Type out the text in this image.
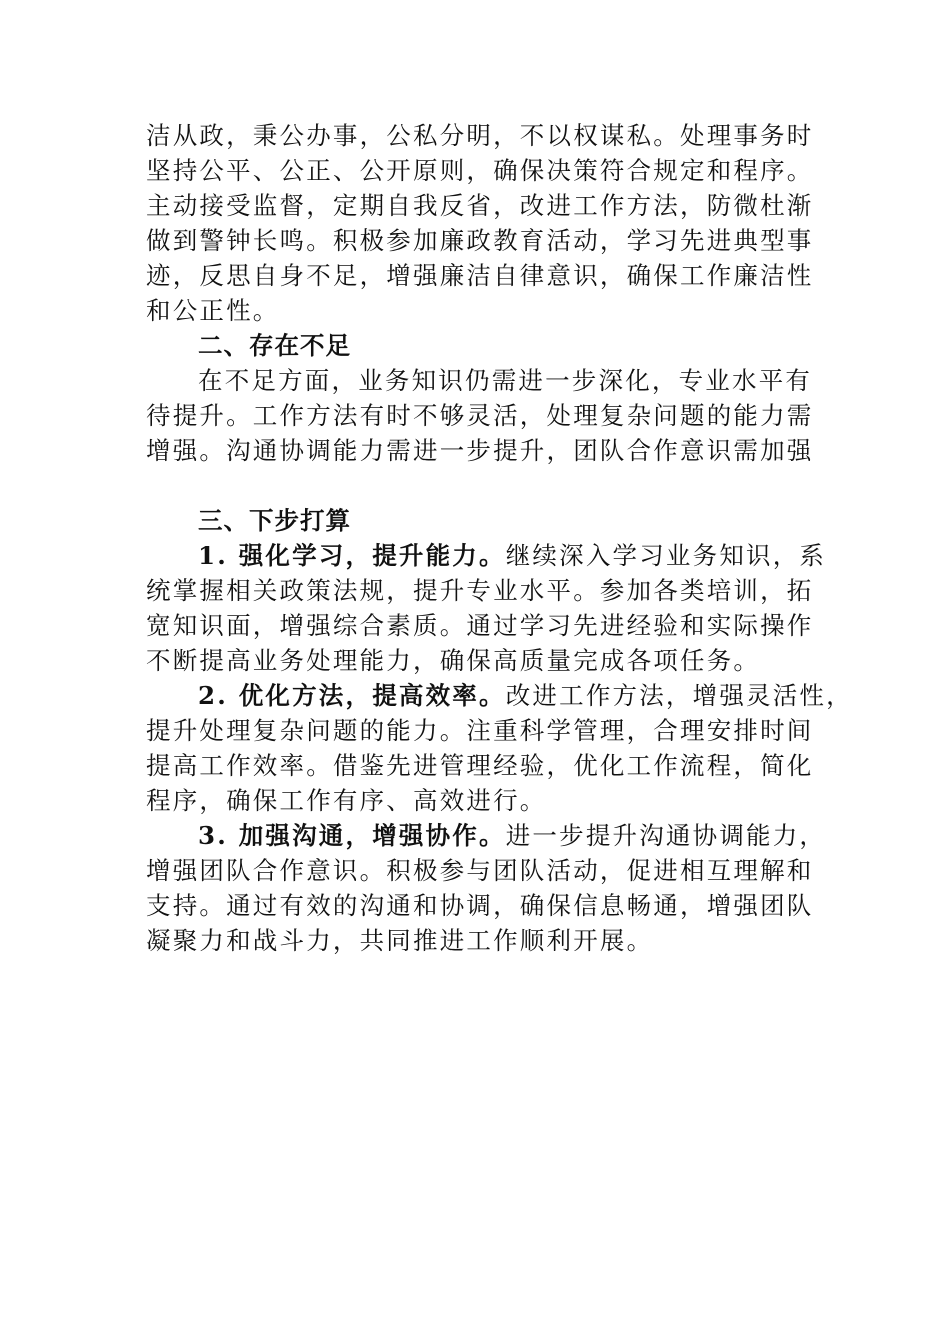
洁从政，秉公办事，公私分明，不以权谋私。处理事务时
坚持公平、公正、公开原则，确保决策符合规定和程序。
主动接受监督，定期自我反省，改进工作方法，防微杜渐
做到警钟长鸣。积极参加廉政教育活动，学习先进典型事
迹，反思自身不足，增强廉洁自律意识，确保工作廉洁性
和公正性。
二、存在不足
在不足方面，业务知识仍需进一步深化，专业水平有
待提升。工作方法有时不够灵活，处理复杂问题的能力需
增强。沟通协调能力需进一步提升，团队合作意识需加强
三、下步打算
1. 强化学习，提升能力。继续深入学习业务知识，系
统掌握相关政策法规，提升专业水平。参加各类培训，拓
宽知识面，增强综合素质。通过学习先进经验和实际操作
不断提高业务处理能力，确保高质量完成各项任务。
2. 优化方法，提高效率。改进工作方法，增强灵活性，
提升处理复杂问题的能力。注重科学管理，合理安排时间
提高工作效率。借鉴先进管理经验，优化工作流程，简化
程序，确保工作有序、高效进行。
3. 加强沟通，增强协作。进一步提升沟通协调能力，
增强团队合作意识。积极参与团队活动，促进相互理解和
支持。通过有效的沟通和协调，确保信息畅通，增强团队
凝聚力和战斗力，共同推进工作顺利开展。
